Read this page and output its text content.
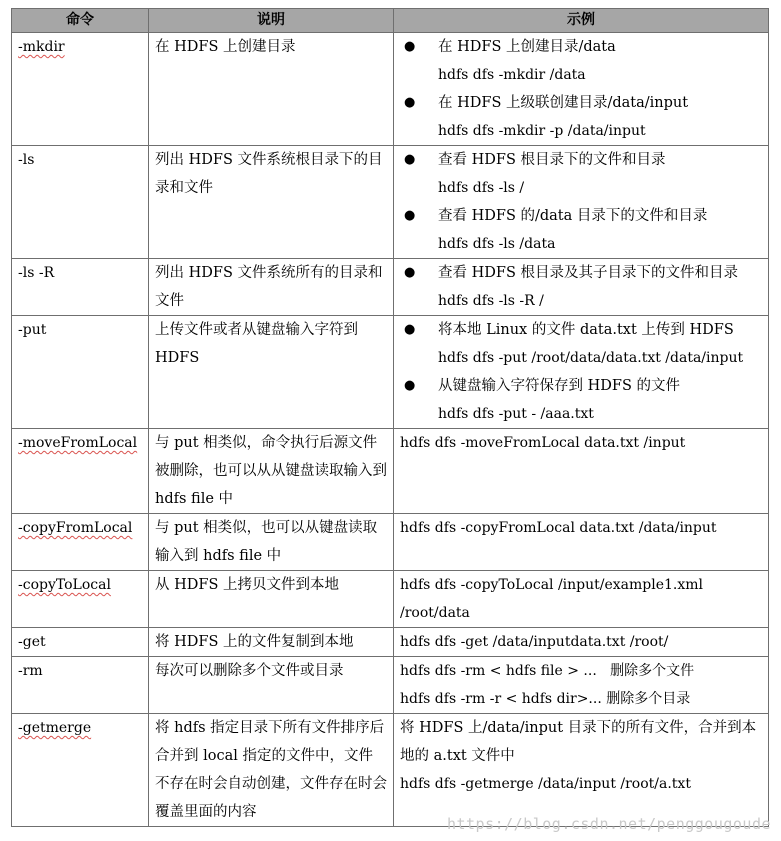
命令	说明	示例
-mkdir	在 HDFS 上创建目录	● 在 HDFS 上创建目录/data
hdfs dfs -mkdir /data
● 在 HDFS 上级联创建目录/data/input
hdfs dfs -mkdir -p /data/input

-ls	列出 HDFS 文件系统根目录下的目录和文件	● 查看 HDFS 根目录下的文件和目录
hdfs dfs -ls /
● 查看 HDFS 的/data 目录下的文件和目录
hdfs dfs -ls /data

-ls -R	列出 HDFS 文件系统所有的目录和文件	● 查看 HDFS 根目录及其子目录下的文件和目录
hdfs dfs -ls -R /

-put	上传文件或者从键盘输入字符到 HDFS	● 将本地 Linux 的文件 data.txt 上传到 HDFS
hdfs dfs -put /root/data/data.txt /data/input
● 从键盘输入字符保存到 HDFS 的文件
hdfs dfs -put - /aaa.txt

-moveFromLocal	与 put 相类似，命令执行后源文件被删除，也可以从从键盘读取输入到 hdfs file 中	hdfs dfs -moveFromLocal data.txt /input

-copyFromLocal	与 put 相类似，也可以从键盘读取输入到 hdfs file 中	hdfs dfs -copyFromLocal data.txt /data/input

-copyToLocal	从 HDFS 上拷贝文件到本地	hdfs dfs -copyToLocal /input/example1.xml /root/data

-get	将 HDFS 上的文件复制到本地	hdfs dfs -get /data/inputdata.txt /root/

-rm	每次可以删除多个文件或目录	hdfs dfs -rm < hdfs file > ...   删除多个文件
hdfs dfs -rm -r < hdfs dir>... 删除多个目录

-getmerge	将 hdfs 指定目录下所有文件排序后合并到 local 指定的文件中，文件不存在时会自动创建，文件存在时会覆盖里面的内容	将 HDFS 上/data/input 目录下的所有文件，合并到本地的 a.txt 文件中
hdfs dfs -getmerge /data/input /root/a.txt
https://blog.csdn.net/penggougoude
